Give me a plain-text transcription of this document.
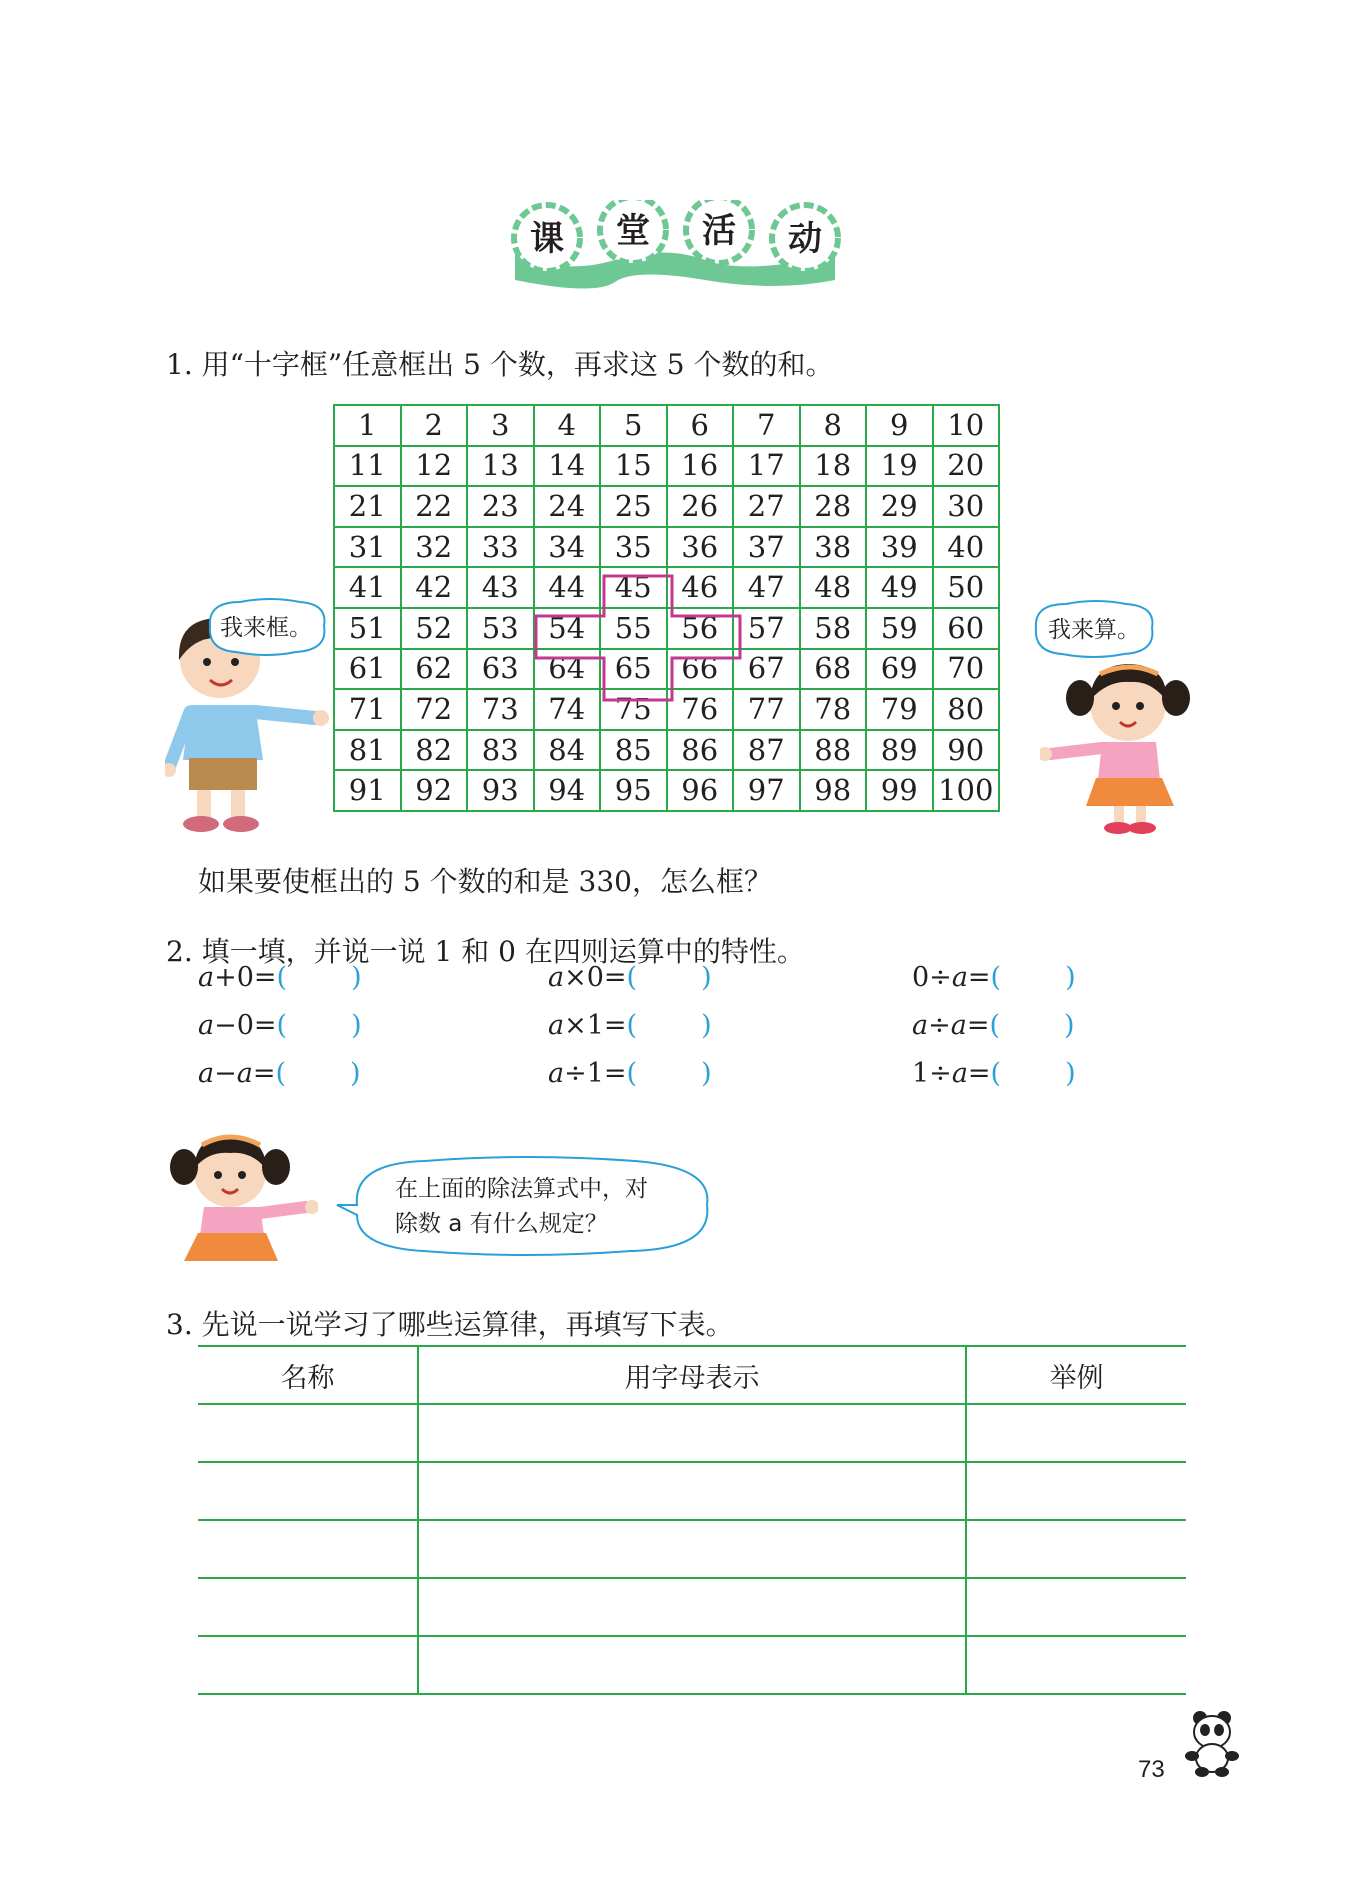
课 堂 活 动
1. 用“十字框”任意框出 5 个数，再求这 5 个数的和。
1	2	3	4	5	6	7	8	9	10
11	12	13	14	15	16	17	18	19	20
21	22	23	24	25	26	27	28	29	30
31	32	33	34	35	36	37	38	39	40
41	42	43	44	45	46	47	48	49	50
51	52	53	54	55	56	57	58	59	60
61	62	63	64	65	66	67	68	69	70
71	72	73	74	75	76	77	78	79	80
81	82	83	84	85	86	87	88	89	90
91	92	93	94	95	96	97	98	99	100
我来框。	我来算。
如果要使框出的 5 个数的和是 330，怎么框？
2. 填一填，并说一说 1 和 0 在四则运算中的特性。
a+0=( )	a×0=( )	0÷a=( )
a−0=( )	a×1=( )	a÷a=( )
a−a=( )	a÷1=( )	1÷a=( )
在上面的除法算式中，对
除数 a 有什么规定？
3. 先说一说学习了哪些运算律，再填写下表。
名称	用字母表示	举例

73
